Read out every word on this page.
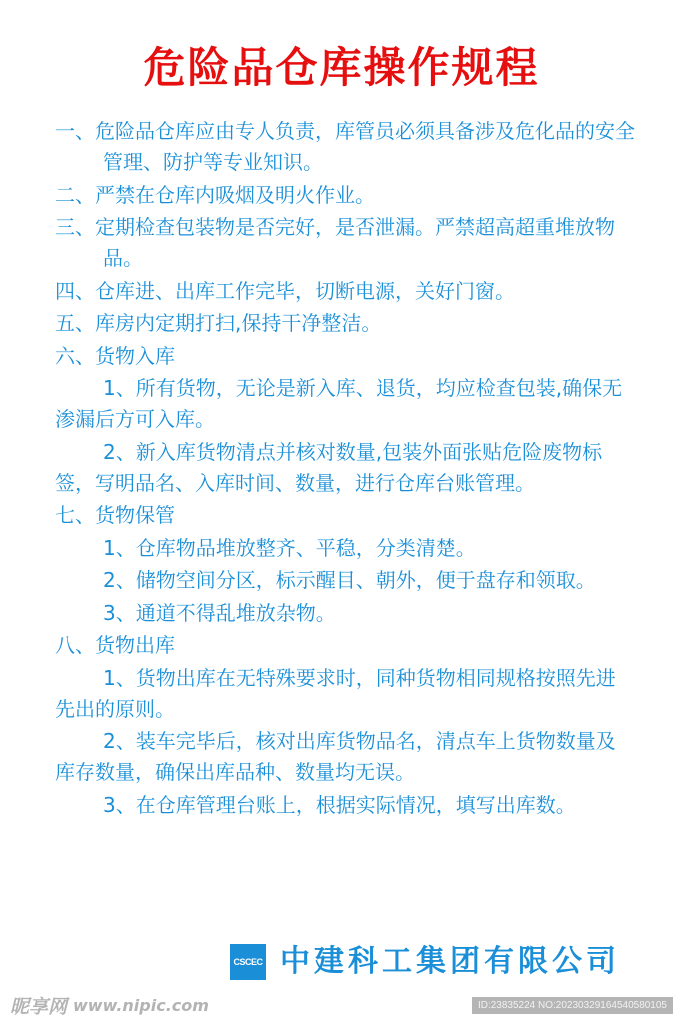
危险品仓库操作规程

一、危险品仓库应由专人负责，库管员必须具备涉及危化品的安全管理、防护等专业知识。

二、严禁在仓库内吸烟及明火作业。

三、定期检查包装物是否完好，是否泄漏。严禁超高超重堆放物品。

四、仓库进、出库工作完毕，切断电源，关好门窗。

五、库房内定期打扫,保持干净整洁。

六、货物入库

1、所有货物，无论是新入库、退货，均应检查包装,确保无渗漏后方可入库。

2、新入库货物清点并核对数量,包装外面张贴危险废物标签，写明品名、入库时间、数量，进行仓库台账管理。

七、货物保管

1、仓库物品堆放整齐、平稳，分类清楚。

2、储物空间分区，标示醒目、朝外，便于盘存和领取。

3、通道不得乱堆放杂物。

八、货物出库

1、货物出库在无特殊要求时，同种货物相同规格按照先进先出的原则。

2、装车完毕后，核对出库货物品名，清点车上货物数量及库存数量，确保出库品种、数量均无误。

3、在仓库管理台账上，根据实际情况，填写出库数。

CSCEC 中建科工集团有限公司
昵享网 www.nipic.com	ID:23835224 NO:20230329164540580105
